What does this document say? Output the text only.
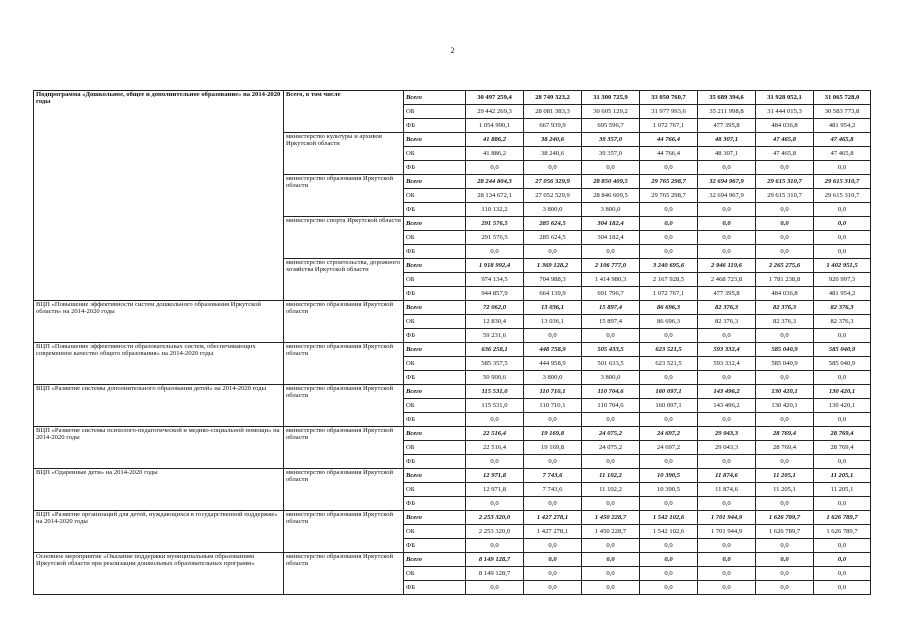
2
Подпрограмма «Дошкольное, общее и дополнительное образование» на 2014-2020 годы	Всего, в том числе	Всего	30 497 259,4	28 749 323,2	31 300 725,9	33 050 760,7	35 689 394,6	31 928 052,1	31 065 728,0
		ОБ	29 442 269,3	28 081 383,3	30 605 129,2	31 977 993,6	35 211 998,8	31 444 015,3	30 583 773,8
		ФБ	1 054 990,1	667 939,9	695 596,7	1 072 767,1	477 395,8	484 036,8	481 954,2
	министерство культуры и архивов Иркутской области	Всего	41 886,2	38 240,6	39 357,0	44 766,4	48 307,1	47 465,8	47 465,8
		ОБ	41 886,2	38 240,6	39 357,0	44 766,4	48 307,1	47 465,8	47 465,8
		ФБ	0,0	0,0	0,0	0,0	0,0	0,0	0,0
	министерство образования Иркутской области	Всего	28 244 804,3	27 056 329,9	28 850 409,5	29 765 298,7	32 694 967,9	29 615 310,7	29 615 310,7
		ОБ	28 134 672,1	27 052 529,9	28 846 609,5	29 765 298,7	32 694 967,9	29 615 310,7	29 615 310,7
		ФБ	110 132,2	3 800,0	3 800,0	0,0	0,0	0,0	0,0
	министерство спорта Иркутской области	Всего	291 576,5	285 624,5	304 182,4	0,0	0,0	0,0	0,0
		ОБ	291 576,5	285 624,5	304 182,4	0,0	0,0	0,0	0,0
		ФБ	0,0	0,0	0,0	0,0	0,0	0,0	0,0
	министерство строительства, дорожного хозяйства Иркутской области	Всего	1 918 992,4	1 369 128,2	2 106 777,0	3 240 695,6	2 946 119,6	2 265 275,6	1 402 951,5
		ОБ	974 134,5	704 988,3	1 414 980,3	2 167 928,5	2 468 723,8	1 781 238,8	920 997,3
		ФБ	944 857,9	664 139,9	691 796,7	1 072 767,1	477 395,8	484 036,8	481 954,2
ВЦП «Повышение эффективности систем дошкольного образования Иркутской области» на 2014-2020 годы	министерство образования Иркутской области	Всего	72 062,0	13 036,1	15 897,4	86 696,3	82 376,3	82 376,3	82 376,3
		ОБ	12 830,4	13 036,1	15 897,4	86 696,3	82 376,3	82 376,3	82 376,3
		ФБ	59 231,6	0,0	0,0	0,0	0,0	0,0	0,0
ВЦП «Повышение эффективности образовательных систем, обеспечивающих современное качество общего образования» на 2014-2020 годы	министерство образования Иркутской области	Всего	636 258,1	448 758,9	505 433,5	623 521,5	593 332,4	585 040,9	585 040,9
		ОБ	585 357,5	444 958,9	501 633,5	623 521,5	593 332,4	585 040,9	585 040,9
		ФБ	50 900,6	3 800,0	3 800,0	0,0	0,0	0,0	0,0
ВЦП «Развитие системы дополнительного образования детей» на 2014-2020 годы	министерство образования Иркутской области	Всего	115 531,0	110 710,1	110 704,6	160 097,1	143 496,2	130 420,1	130 420,1
		ОБ	115 531,0	110 710,1	110 704,6	160 097,1	143 496,2	130 420,1	130 420,1
		ФБ	0,0	0,0	0,0	0,0	0,0	0,0	0,0
ВЦП «Развитие системы психолого-педагогической и медико-социальной помощи» на 2014-2020 годы	министерство образования Иркутской области	Всего	22 516,4	19 169,8	24 075,2	24 697,2	29 043,3	28 769,4	28 769,4
		ОБ	22 516,4	19 169,8	24 075,2	24 697,2	29 043,3	28 769,4	28 769,4
		ФБ	0,0	0,0	0,0	0,0	0,0	0,0	0,0
ВЦП «Одаренные дети» на 2014-2020 годы	министерство образования Иркутской области	Всего	12 971,8	7 743,6	11 102,2	10 390,5	11 874,6	11 205,1	11 205,1
		ОБ	12 971,8	7 743,6	11 102,2	10 390,5	11 874,6	11 205,1	11 205,1
		ФБ	0,0	0,0	0,0	0,0	0,0	0,0	0,0
ВЦП «Развитие организаций для детей, нуждающихся в государственной поддержке» на 2014-2020 годы	министерство образования Иркутской области	Всего	2 253 320,0	1 427 278,1	1 450 228,7	1 542 102,6	1 701 944,9	1 626 789,7	1 626 789,7
		ОБ	2 253 320,0	1 427 278,1	1 450 228,7	1 542 102,6	1 701 944,9	1 626 789,7	1 626 789,7
		ФБ	0,0	0,0	0,0	0,0	0,0	0,0	0,0
Основное мероприятие «Оказание поддержки муниципальным образованиям Иркутской области при реализации дошкольных образовательных программ»	министерство образования Иркутской области	Всего	8 149 128,7	0,0	0,0	0,0	0,0	0,0	0,0
		ОБ	8 149 128,7	0,0	0,0	0,0	0,0	0,0	0,0
		ФБ	0,0	0,0	0,0	0,0	0,0	0,0	0,0
